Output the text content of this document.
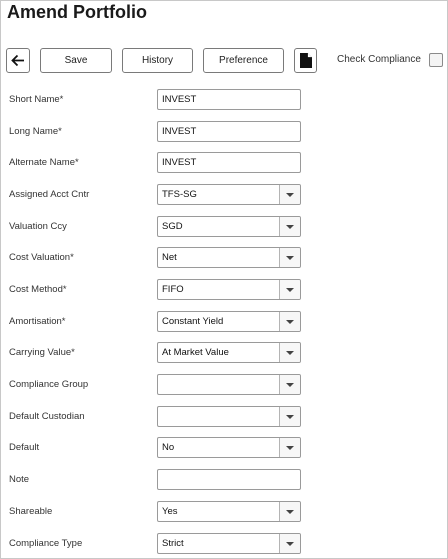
Amend Portfolio
Save	History	Preference	Check Compliance
Short Name*	INVEST
Long Name*	INVEST
Alternate Name*	INVEST
Assigned Acct Cntr	TFS-SG
Valuation Ccy	SGD
Cost Valuation*	Net
Cost Method*	FIFO
Amortisation*	Constant Yield
Carrying Value*	At Market Value
Compliance Group
Default Custodian
Default	No
Note
Shareable	Yes
Compliance Type	Strict
